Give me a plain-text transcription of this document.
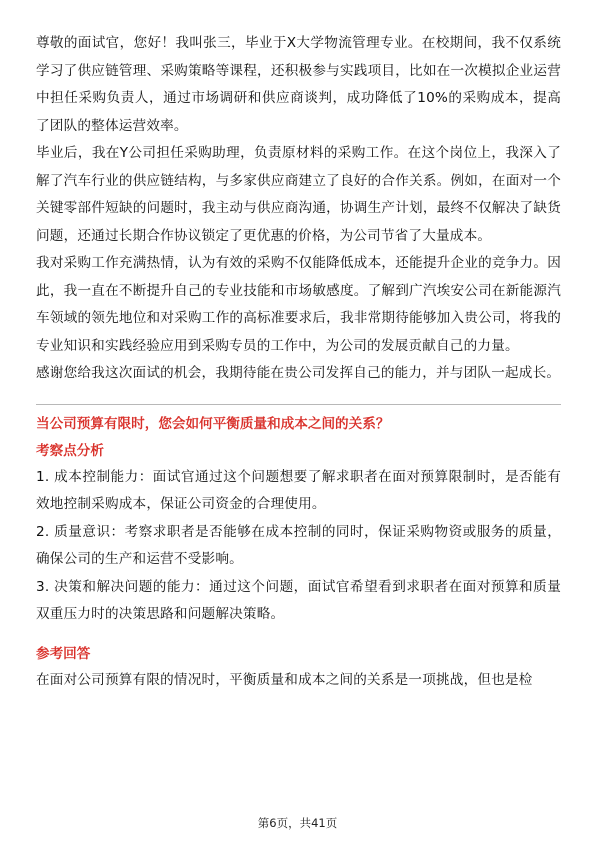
尊敬的面试官，您好！我叫张三，毕业于X大学物流管理专业。在校期间，我不仅系统学习了供应链管理、采购策略等课程，还积极参与实践项目，比如在一次模拟企业运营中担任采购负责人，通过市场调研和供应商谈判，成功降低了10%的采购成本，提高了团队的整体运营效率。

毕业后，我在Y公司担任采购助理，负责原材料的采购工作。在这个岗位上，我深入了解了汽车行业的供应链结构，与多家供应商建立了良好的合作关系。例如，在面对一个关键零部件短缺的问题时，我主动与供应商沟通，协调生产计划，最终不仅解决了缺货问题，还通过长期合作协议锁定了更优惠的价格，为公司节省了大量成本。

我对采购工作充满热情，认为有效的采购不仅能降低成本，还能提升企业的竞争力。因此，我一直在不断提升自己的专业技能和市场敏感度。了解到广汽埃安公司在新能源汽车领域的领先地位和对采购工作的高标准要求后，我非常期待能够加入贵公司，将我的专业知识和实践经验应用到采购专员的工作中，为公司的发展贡献自己的力量。

感谢您给我这次面试的机会，我期待能在贵公司发挥自己的能力，并与团队一起成长。

当公司预算有限时，您会如何平衡质量和成本之间的关系？

考察点分析

1. 成本控制能力：面试官通过这个问题想要了解求职者在面对预算限制时，是否能有效地控制采购成本，保证公司资金的合理使用。

2. 质量意识：考察求职者是否能够在成本控制的同时，保证采购物资或服务的质量，确保公司的生产和运营不受影响。

3. 决策和解决问题的能力：通过这个问题，面试官希望看到求职者在面对预算和质量双重压力时的决策思路和问题解决策略。

参考回答

在面对公司预算有限的情况时，平衡质量和成本之间的关系是一项挑战，但也是检

第6页，共41页
